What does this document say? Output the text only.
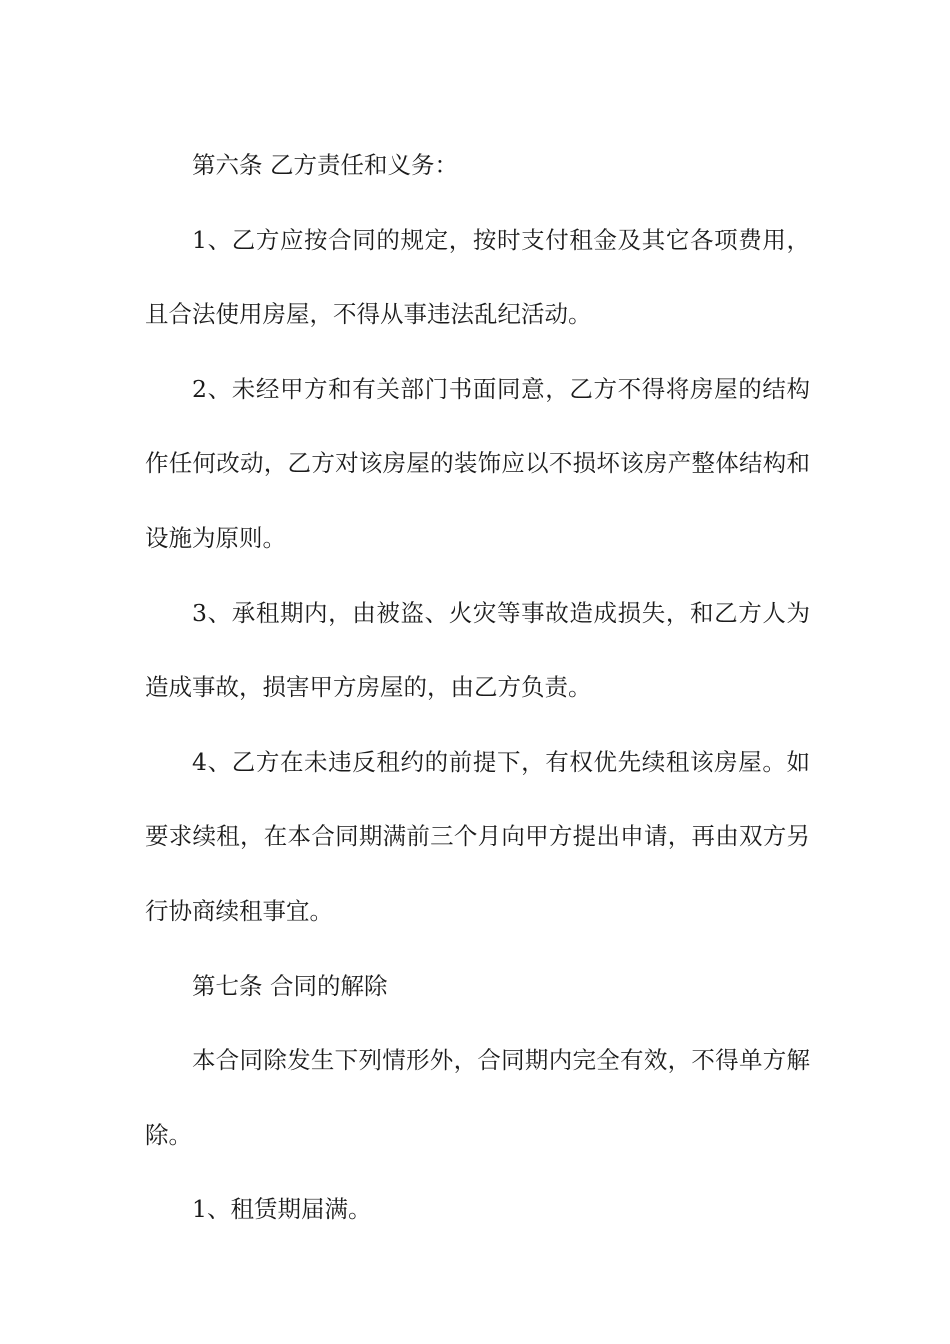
第六条 乙方责任和义务：

1、乙方应按合同的规定，按时支付租金及其它各项费用，且合法使用房屋，不得从事违法乱纪活动。

2、未经甲方和有关部门书面同意，乙方不得将房屋的结构作任何改动，乙方对该房屋的装饰应以不损坏该房产整体结构和设施为原则。

3、承租期内，由被盗、火灾等事故造成损失，和乙方人为造成事故，损害甲方房屋的，由乙方负责。

4、乙方在未违反租约的前提下，有权优先续租该房屋。如要求续租，在本合同期满前三个月向甲方提出申请，再由双方另行协商续租事宜。

第七条 合同的解除

本合同除发生下列情形外，合同期内完全有效，不得单方解除。

1、租赁期届满。
